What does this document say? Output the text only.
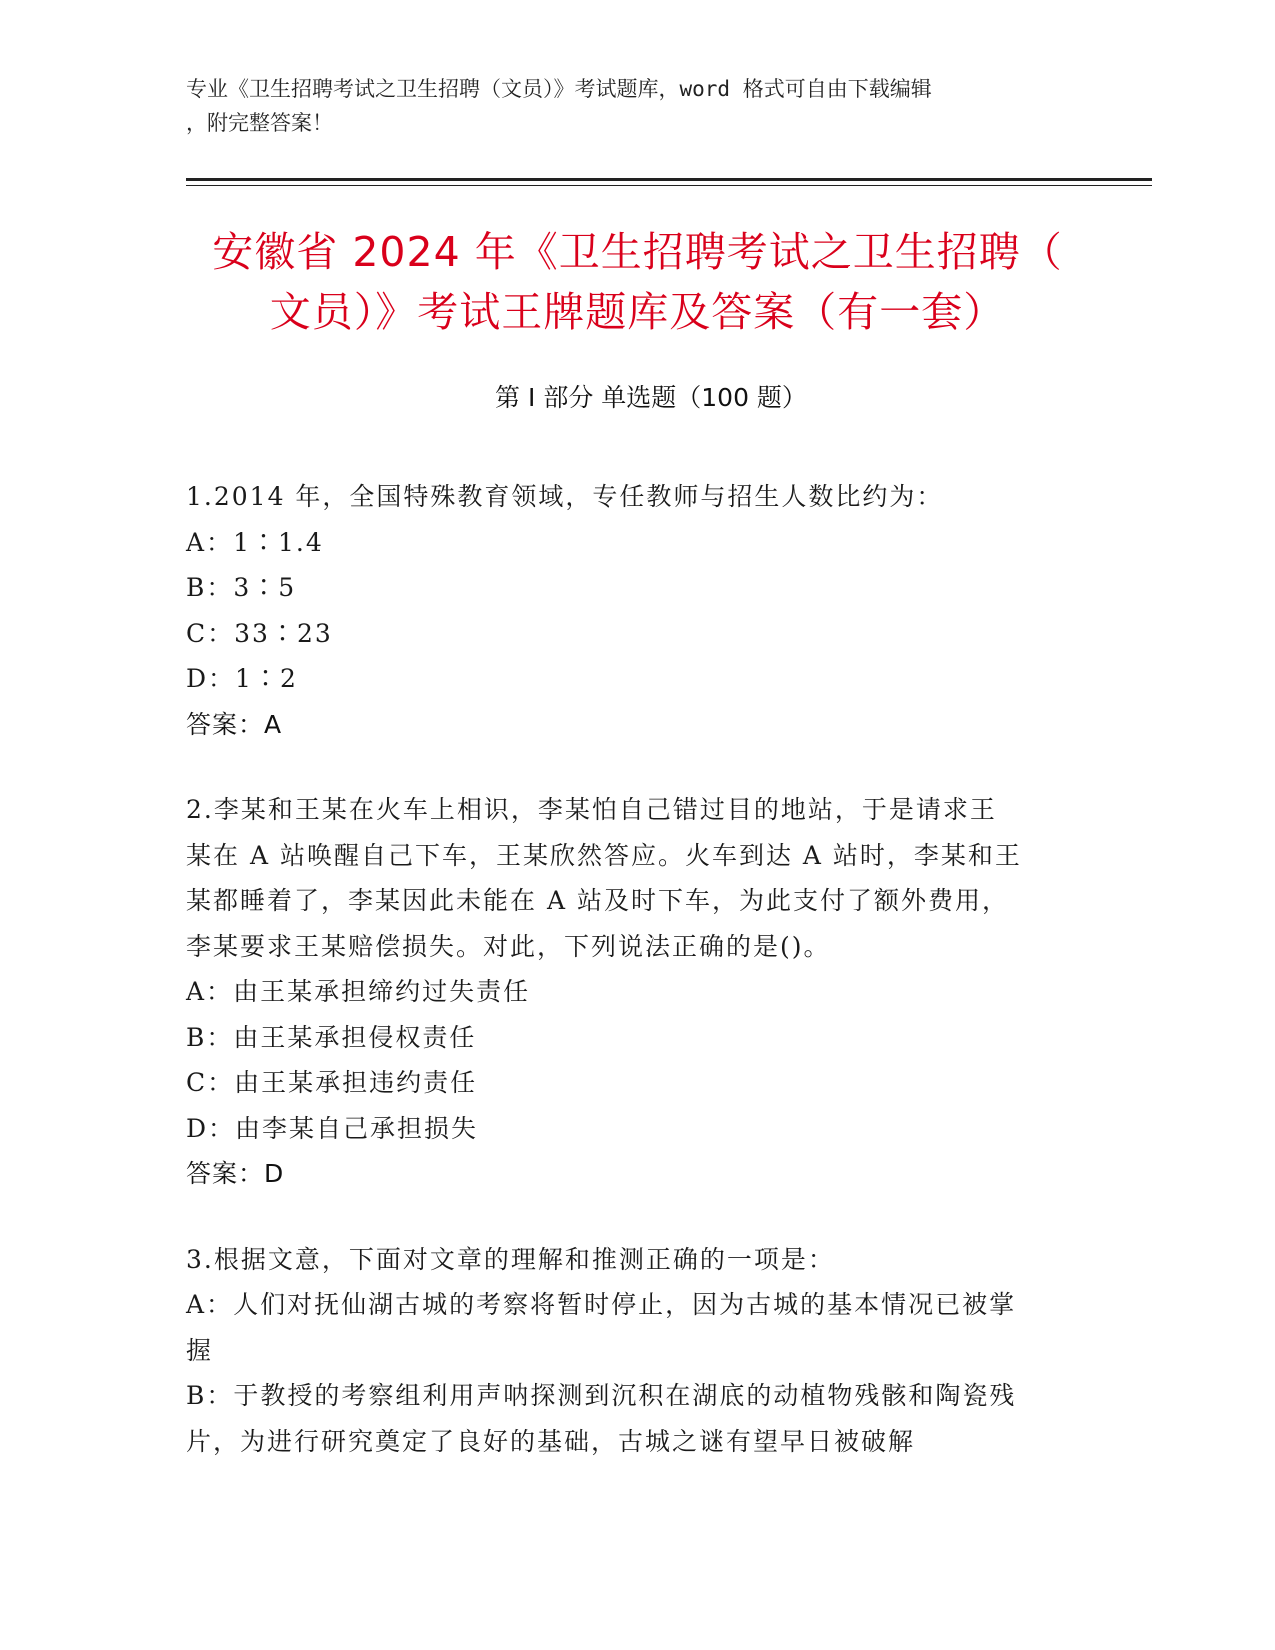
专业《卫生招聘考试之卫生招聘（文员）》考试题库，word 格式可自由下载编辑
，附完整答案！
安徽省 2024 年《卫生招聘考试之卫生招聘（
文员）》考试王牌题库及答案（有一套）
第 I 部分 单选题（100 题）
1.2014 年，全国特殊教育领域，专任教师与招生人数比约为：
A：1∶1.4
B：3∶5
C：33∶23
D：1∶2
答案：A
2.李某和王某在火车上相识，李某怕自己错过目的地站，于是请求王
某在 A 站唤醒自己下车，王某欣然答应。火车到达 A 站时，李某和王
某都睡着了，李某因此未能在 A 站及时下车，为此支付了额外费用，
李某要求王某赔偿损失。对此，下列说法正确的是()。
A：由王某承担缔约过失责任
B：由王某承担侵权责任
C：由王某承担违约责任
D：由李某自己承担损失
答案：D
3.根据文意，下面对文章的理解和推测正确的一项是：
A：人们对抚仙湖古城的考察将暂时停止，因为古城的基本情况已被掌
握
B：于教授的考察组利用声呐探测到沉积在湖底的动植物残骸和陶瓷残
片，为进行研究奠定了良好的基础，古城之谜有望早日被破解
